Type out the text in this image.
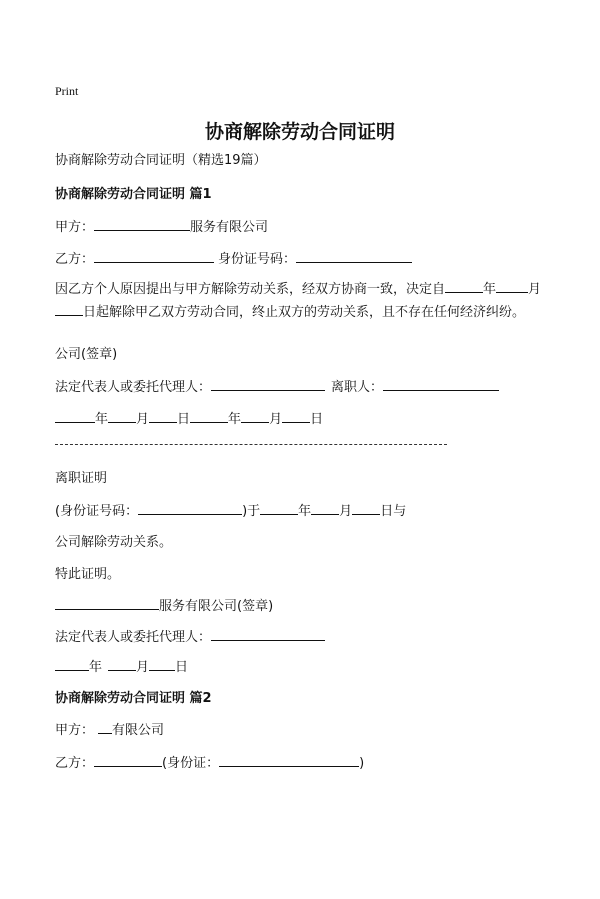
Print
协商解除劳动合同证明
协商解除劳动合同证明（精选19篇）
协商解除劳动合同证明 篇1
甲方：	服务有限公司
乙方：	身份证号码：
因乙方个人原因提出与甲方解除劳动关系，经双方协商一致，决定自	年 月日起解除甲乙双方劳动合同，终止双方的劳动关系，且不存在任何经济纠纷。
公司(签章)
法定代表人或委托代理人：	离职人：
年 月 日	年 月 日
离职证明
(身份证号码：	)于	年 月 日与
公司解除劳动关系。
特此证明。
服务有限公司(签章)
法定代表人或委托代理人：
年	月 日
协商解除劳动合同证明 篇2
甲方： 有限公司
乙方：	(身份证：	)
